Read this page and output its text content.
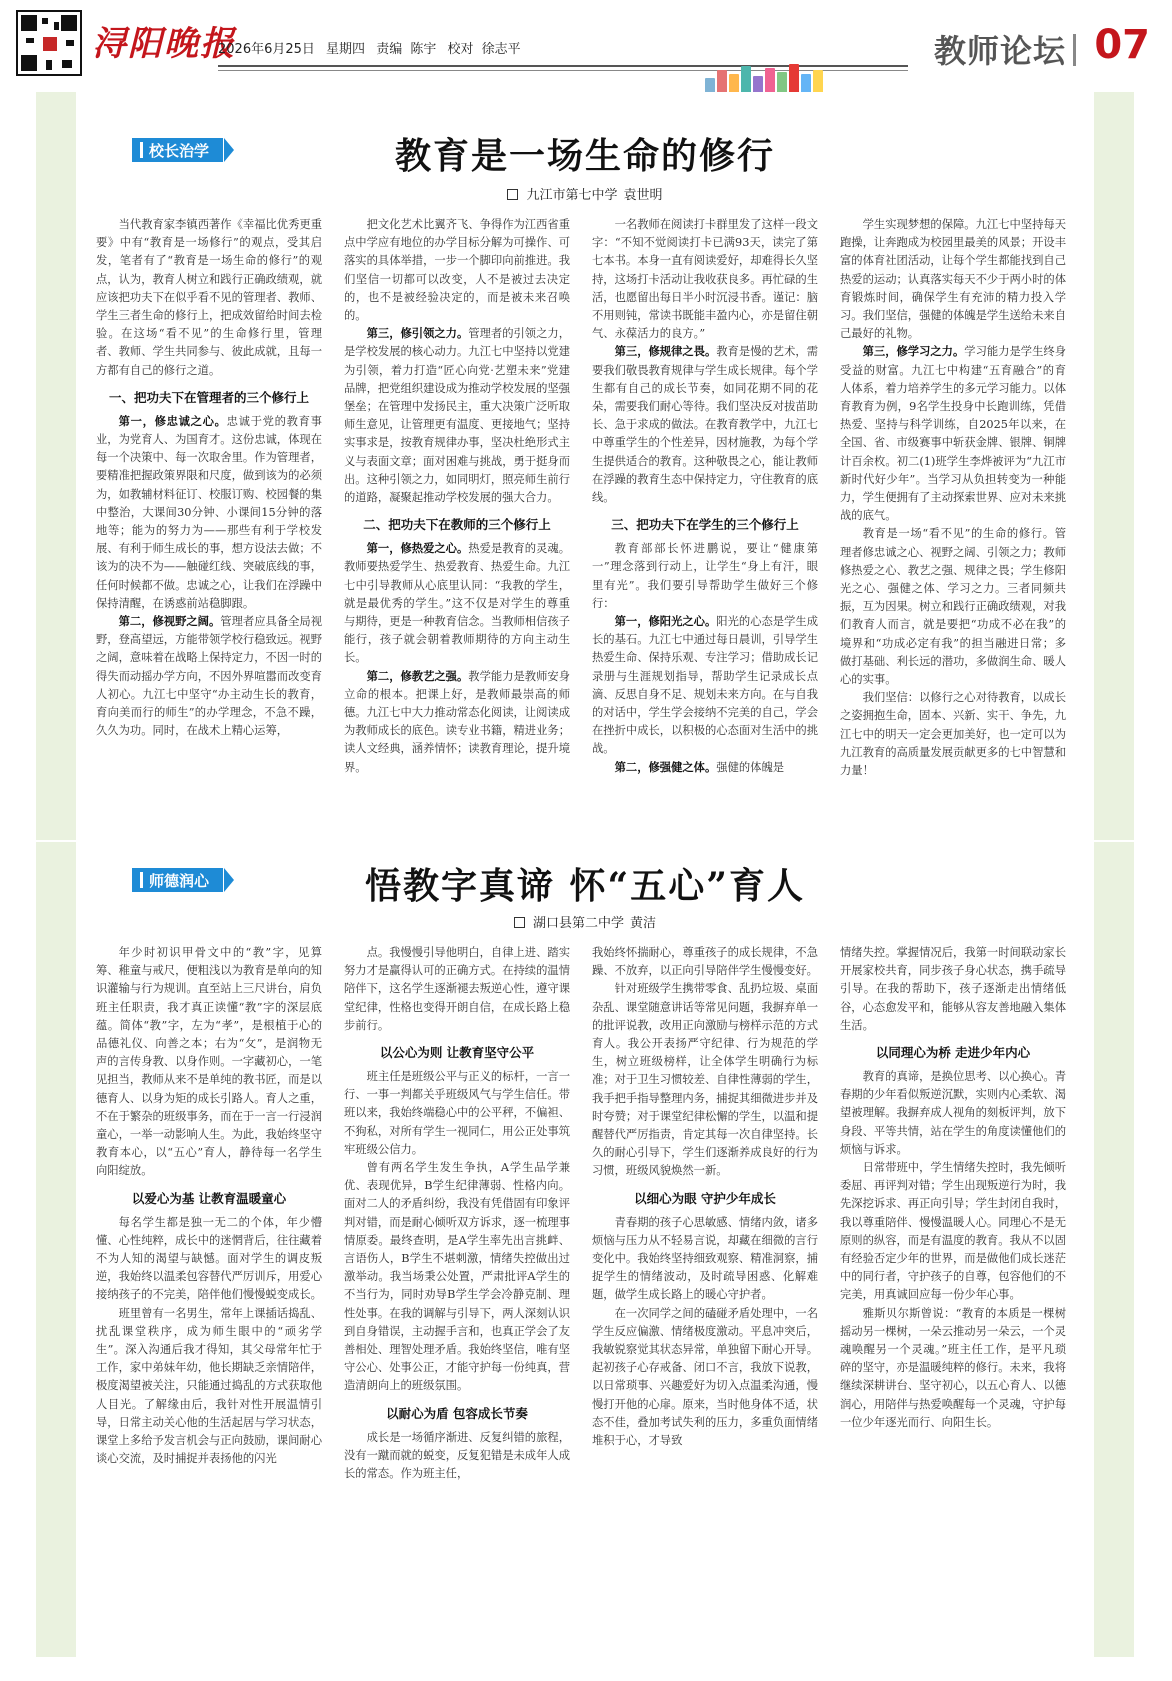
浔阳晚报
2026年6月25日 星期四 责编 陈宇 校对 徐志平	教师论坛 07
校长治学	教育是一场生命的修行
九江市第七中学 袁世明

当代教育家李镇西著作《幸福比优秀更重要》中有“教育是一场修行”的观点，受其启发，笔者有了“教育是一场生命的修行”的观点，认为，教育人树立和践行正确政绩观，就应该把功夫下在似乎看不见的管理者、教师、学生三者生命的修行上，把成效留给时间去检验。在这场“看不见”的生命修行里，管理者、教师、学生共同参与、彼此成就，且每一方都有自己的修行之道。

一、把功夫下在管理者的三个修行上

第一，修忠诚之心。忠诚于党的教育事业，为党育人、为国育才。这份忠诚，体现在每一个决策中、每一次取舍里。作为管理者，要精准把握政策界限和尺度，做到该为的必须为，如教辅材料征订、校服订购、校园餐的集中整治，大课间30分钟、小课间15分钟的落地等；能为的努力为——那些有利于学校发展、有利于师生成长的事，想方设法去做；不该为的决不为——触碰红线、突破底线的事，任何时候都不做。忠诚之心，让我们在浮躁中保持清醒，在诱惑前站稳脚跟。

第二，修视野之阔。管理者应具备全局视野，登高望远，方能带领学校行稳致远。视野之阔，意味着在战略上保持定力，不因一时的得失而动摇办学方向，不因外界喧嚣而改变育人初心。九江七中坚守“办主动生长的教育，育向美而行的师生”的办学理念，不急不躁，久久为功。同时，在战术上精心运筹，

把文化艺术比翼齐飞、争得作为江西省重点中学应有地位的办学目标分解为可操作、可落实的具体举措，一步一个脚印向前推进。我们坚信一切都可以改变，人不是被过去决定的，也不是被经验决定的，而是被未来召唤的。

第三，修引领之力。管理者的引领之力，是学校发展的核心动力。九江七中坚持以党建为引领，着力打造“匠心向党·艺塑未来”党建品牌，把党组织建设成为推动学校发展的坚强堡垒；在管理中发扬民主，重大决策广泛听取师生意见，让管理更有温度、更接地气；坚持实事求是，按教育规律办事，坚决杜绝形式主义与表面文章；面对困难与挑战，勇于挺身而出。这种引领之力，如同明灯，照亮师生前行的道路，凝聚起推动学校发展的强大合力。

二、把功夫下在教师的三个修行上

第一，修热爱之心。热爱是教育的灵魂。教师要热爱学生、热爱教育、热爱生命。九江七中引导教师从心底里认同：“我教的学生，就是最优秀的学生。”这不仅是对学生的尊重与期待，更是一种教育信念。当教师相信孩子能行，孩子就会朝着教师期待的方向主动生长。

第二，修教艺之强。教学能力是教师安身立命的根本。把课上好，是教师最崇高的师德。九江七中大力推动常态化阅读，让阅读成为教师成长的底色。读专业书籍，精进业务；读人文经典，涵养情怀；读教育理论，提升境界。

一名教师在阅读打卡群里发了这样一段文字：“不知不觉阅读打卡已满93天，读完了第七本书。本身一直有阅读爱好，却难得长久坚持，这场打卡活动让我收获良多。再忙碌的生活，也愿留出每日半小时沉浸书香。谨记：脑不用则钝，常读书既能丰盈内心，亦是留住朝气、永葆活力的良方。”

第三，修规律之畏。教育是慢的艺术，需要我们敬畏教育规律与学生成长规律。每个学生都有自己的成长节奏，如同花期不同的花朵，需要我们耐心等待。我们坚决反对拔苗助长、急于求成的做法。在教育教学中，九江七中尊重学生的个性差异，因材施教，为每个学生提供适合的教育。这种敬畏之心，能让教师在浮躁的教育生态中保持定力，守住教育的底线。

三、把功夫下在学生的三个修行上

教育部部长怀进鹏说，要让“健康第一”理念落到行动上，让学生“身上有汗，眼里有光”。我们要引导帮助学生做好三个修行：

第一，修阳光之心。阳光的心态是学生成长的基石。九江七中通过每日晨训，引导学生热爱生命、保持乐观、专注学习；借助成长记录册与生涯规划指导，帮助学生记录成长点滴、反思自身不足、规划未来方向。在与自我的对话中，学生学会接纳不完美的自己，学会在挫折中成长，以积极的心态面对生活中的挑战。

第二，修强健之体。强健的体魄是

学生实现梦想的保障。九江七中坚持每天跑操，让奔跑成为校园里最美的风景；开设丰富的体育社团活动，让每个学生都能找到自己热爱的运动；认真落实每天不少于两小时的体育锻炼时间，确保学生有充沛的精力投入学习。我们坚信，强健的体魄是学生送给未来自己最好的礼物。

第三，修学习之力。学习能力是学生终身受益的财富。九江七中构建“五育融合”的育人体系，着力培养学生的多元学习能力。以体育教育为例，9名学生投身中长跑训练，凭借热爱、坚持与科学训练，自2025年以来，在全国、省、市级赛事中斩获金牌、银牌、铜牌计百余枚。初二(1)班学生李烨被评为“九江市新时代好少年”。当学习从负担转变为一种能力，学生便拥有了主动探索世界、应对未来挑战的底气。

教育是一场“看不见”的生命的修行。管理者修忠诚之心、视野之阔、引领之力；教师修热爱之心、教艺之强、规律之畏；学生修阳光之心、强健之体、学习之力。三者同频共振，互为因果。树立和践行正确政绩观，对我们教育人而言，就是要把“功成不必在我”的境界和“功成必定有我”的担当融进日常；多做打基础、利长远的潜功，多做润生命、暖人心的实事。

我们坚信：以修行之心对待教育，以成长之姿拥抱生命，固本、兴新、实干、争先，九江七中的明天一定会更加美好，也一定可以为九江教育的高质量发展贡献更多的七中智慧和力量！

师德润心	悟教字真谛 怀“五心”育人
湖口县第二中学 黄洁

年少时初识甲骨文中的“教”字，见算筹、稚童与戒尺，便粗浅以为教育是单向的知识灌输与行为规训。直至站上三尺讲台，肩负班主任职责，我才真正读懂“教”字的深层底蕴。简体“教”字，左为“孝”，是根植于心的品德礼仪、向善之本；右为“攵”，是润物无声的言传身教、以身作则。一字藏初心，一笔见担当，教师从来不是单纯的教书匠，而是以德育人、以身为矩的成长引路人。育人之重，不在于繁杂的班级事务，而在于一言一行浸润童心，一举一动影响人生。为此，我始终坚守教育本心，以“五心”育人，静待每一名学生向阳绽放。

以爱心为基 让教育温暖童心

每名学生都是独一无二的个体，年少懵懂、心性纯粹，成长中的迷惘背后，往往藏着不为人知的渴望与缺憾。面对学生的调皮叛逆，我始终以温柔包容替代严厉训斥，用爱心接纳孩子的不完美，陪伴他们慢慢蜕变成长。

班里曾有一名男生，常年上课插话捣乱、扰乱课堂秩序，成为师生眼中的“顽劣学生”。深入沟通后我才得知，其父母常年忙于工作，家中弟妹年幼，他长期缺乏亲情陪伴，极度渴望被关注，只能通过捣乱的方式获取他人目光。了解缘由后，我针对性开展温情引导，日常主动关心他的生活起居与学习状态，课堂上多给予发言机会与正向鼓励，课间耐心谈心交流，及时捕捉并表扬他的闪光

点。我慢慢引导他明白，自律上进、踏实努力才是赢得认可的正确方式。在持续的温情陪伴下，这名学生逐渐褪去叛逆心性，遵守课堂纪律，性格也变得开朗自信，在成长路上稳步前行。

以公心为则 让教育坚守公平

班主任是班级公平与正义的标杆，一言一行、一事一判都关乎班级风气与学生信任。带班以来，我始终端稳心中的公平秤，不偏袒、不狗私，对所有学生一视同仁，用公正处事筑牢班级公信力。

曾有两名学生发生争执，A学生品学兼优、表现优异，B学生纪律薄弱、性格内向。面对二人的矛盾纠纷，我没有凭借固有印象评判对错，而是耐心倾听双方诉求，逐一梳理事情原委。最终查明，是A学生率先出言挑衅、言语伤人，B学生不堪刺激，情绪失控做出过激举动。我当场秉公处置，严肃批评A学生的不当行为，同时劝导B学生学会冷静克制、理性处事。在我的调解与引导下，两人深刻认识到自身错误，主动握手言和，也真正学会了友善相处、理智处理矛盾。我始终坚信，唯有坚守公心、处事公正，才能守护每一份纯真，营造清朗向上的班级氛围。

以耐心为盾 包容成长节奏

成长是一场循序渐进、反复纠错的旅程，没有一蹴而就的蜕变，反复犯错是未成年人成长的常态。作为班主任，

我始终怀揣耐心，尊重孩子的成长规律，不急躁、不放弃，以正向引导陪伴学生慢慢变好。

针对班级学生携带零食、乱扔垃圾、桌面杂乱、课堂随意讲话等常见问题，我摒弃单一的批评说教，改用正向激励与榜样示范的方式育人。我公开表扬严守纪律、行为规范的学生，树立班级榜样，让全体学生明确行为标准；对于卫生习惯较差、自律性薄弱的学生，我手把手指导整理内务，捕捉其细微进步并及时夸赞；对于课堂纪律松懈的学生，以温和提醒替代严厉指责，肯定其每一次自律坚持。长久的耐心引导下，学生们逐渐养成良好的行为习惯，班级风貌焕然一新。

以细心为眼 守护少年成长

青春期的孩子心思敏感、情绪内敛，诸多烦恼与压力从不轻易言说，却藏在细微的言行变化中。我始终坚持细致观察、精准洞察，捕捉学生的情绪波动，及时疏导困惑、化解难题，做学生成长路上的暖心守护者。

在一次同学之间的磕碰矛盾处理中，一名学生反应偏激、情绪极度激动。平息冲突后，我敏锐察觉其状态异常，单独留下耐心开导。起初孩子心存戒备、闭口不言，我放下说教，以日常琐事、兴趣爱好为切入点温柔沟通，慢慢打开他的心扉。原来，当时他身体不适，状态不佳，叠加考试失利的压力，多重负面情绪堆积于心，才导致

情绪失控。掌握情况后，我第一时间联动家长开展家校共育，同步孩子身心状态，携手疏导引导。在我的帮助下，孩子逐渐走出情绪低谷，心态愈发平和，能够从容友善地融入集体生活。

以同理心为桥 走进少年内心

教育的真谛，是换位思考、以心换心。青春期的少年看似叛逆沉默，实则内心柔软、渴望被理解。我摒弃成人视角的刻板评判，放下身段、平等共情，站在学生的角度读懂他们的烦恼与诉求。

日常带班中，学生情绪失控时，我先倾听委屈、再评判对错；学生出现叛逆行为时，我先深挖诉求、再正向引导；学生封闭自我时，我以尊重陪伴、慢慢温暖人心。同理心不是无原则的纵容，而是有温度的教育。我从不以固有经验否定少年的世界，而是做他们成长迷茫中的同行者，守护孩子的自尊，包容他们的不完美，用真诚回应每一份少年心事。

雅斯贝尔斯曾说：“教育的本质是一棵树摇动另一棵树，一朵云推动另一朵云，一个灵魂唤醒另一个灵魂。”班主任工作，是平凡琐碎的坚守，亦是温暖纯粹的修行。未来，我将继续深耕讲台、坚守初心，以五心育人、以德润心，用陪伴与热爱唤醒每一个灵魂，守护每一位少年逐光而行、向阳生长。
